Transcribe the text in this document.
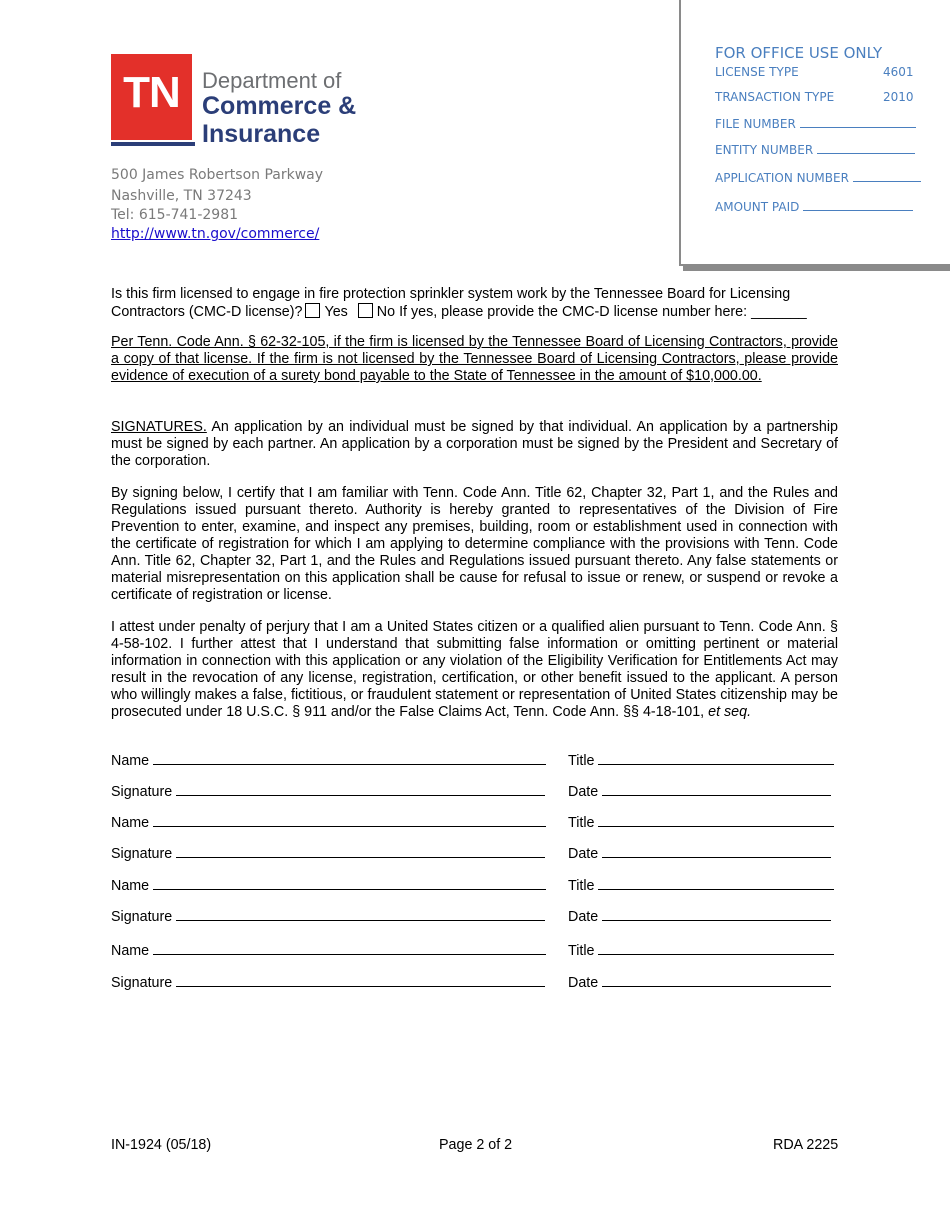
TN	Department of
Commerce &
Insurance
500 James Robertson Parkway
Nashville, TN 37243
Tel: 615-741-2981
http://www.tn.gov/commerce/
FOR OFFICE USE ONLY
LICENSE TYPE	4601
TRANSACTION TYPE	2010
FILE NUMBER
ENTITY NUMBER
APPLICATION NUMBER
AMOUNT PAID
Is this firm licensed to engage in fire protection sprinkler system work by the Tennessee Board for Licensing
Contractors (CMC-D license)? Yes No If yes, please provide the CMC-D license number here: _______
Per Tenn. Code Ann. § 62-32-105, if the firm is licensed by the Tennessee Board of Licensing Contractors, provide a copy of that license. If the firm is not licensed by the Tennessee Board of Licensing Contractors, please provide evidence of execution of a surety bond payable to the State of Tennessee in the amount of $10,000.00.
SIGNATURES. An application by an individual must be signed by that individual. An application by a partnership must be signed by each partner. An application by a corporation must be signed by the President and Secretary of the corporation.
By signing below, I certify that I am familiar with Tenn. Code Ann. Title 62, Chapter 32, Part 1, and the Rules and Regulations issued pursuant thereto. Authority is hereby granted to representatives of the Division of Fire Prevention to enter, examine, and inspect any premises, building, room or establishment used in connection with the certificate of registration for which I am applying to determine compliance with the provisions with Tenn. Code Ann. Title 62, Chapter 32, Part 1, and the Rules and Regulations issued pursuant thereto. Any false statements or material misrepresentation on this application shall be cause for refusal to issue or renew, or suspend or revoke a certificate of registration or license.
I attest under penalty of perjury that I am a United States citizen or a qualified alien pursuant to Tenn. Code Ann. § 4-58-102. I further attest that I understand that submitting false information or omitting pertinent or material information in connection with this application or any violation of the Eligibility Verification for Entitlements Act may result in the revocation of any license, registration, certification, or other benefit issued to the applicant. A person who willingly makes a false, fictitious, or fraudulent statement or representation of United States citizenship may be prosecuted under 18 U.S.C. § 911 and/or the False Claims Act, Tenn. Code Ann. §§ 4-18-101, et seq.
Name	Title
Signature	Date
Name	Title
Signature	Date
Name	Title
Signature	Date
Name	Title
Signature	Date
IN-1924 (05/18)	Page 2 of 2	RDA 2225
